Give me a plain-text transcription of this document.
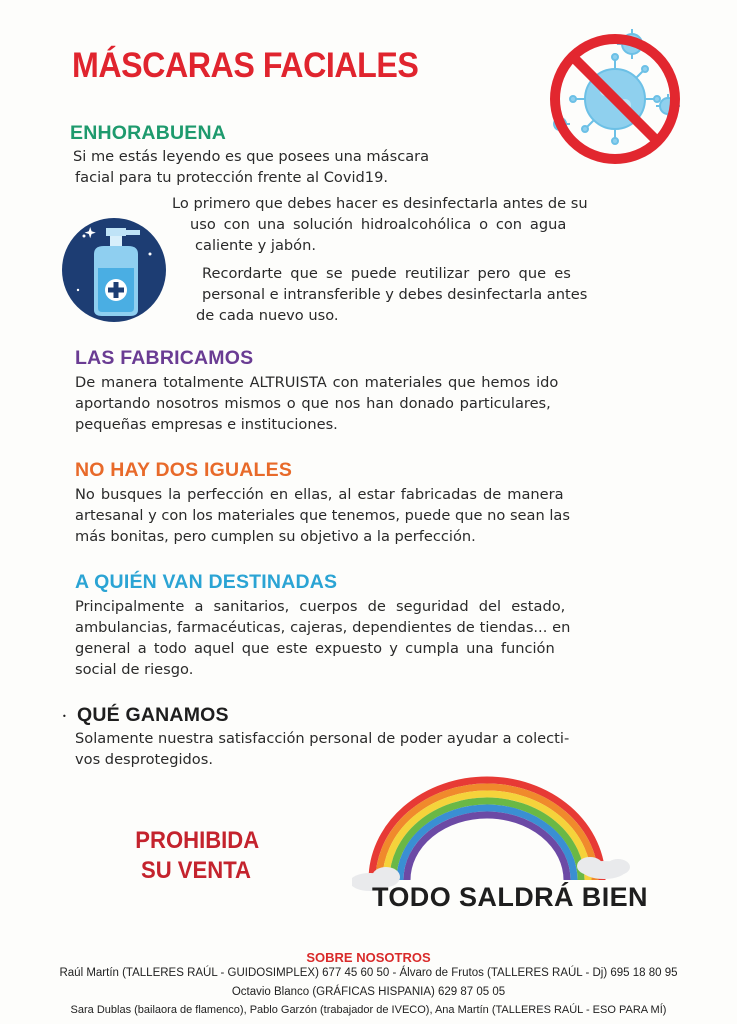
MÁSCARAS FACIALES
ENHORABUENA
Si me estás leyendo es que posees una máscara
facial para tu protección frente al Covid19.
Lo primero que debes hacer es desinfectarla antes de su
uso con una solución hidroalcohólica o con agua
caliente y jabón.
Recordarte que se puede reutilizar pero que es
personal e intransferible y debes desinfectarla antes
de cada nuevo uso.
LAS FABRICAMOS
De manera totalmente ALTRUISTA con materiales que hemos ido
aportando nosotros mismos o que nos han donado particulares,
pequeñas empresas e instituciones.
NO HAY DOS IGUALES
No busques la perfección en ellas, al estar fabricadas de manera
artesanal y con los materiales que tenemos, puede que no sean las
más bonitas, pero cumplen su objetivo a la perfección.
A QUIÉN VAN DESTINADAS
Principalmente a sanitarios, cuerpos de seguridad del estado,
ambulancias, farmacéuticas, cajeras, dependientes de tiendas... en
general a todo aquel que este expuesto y cumpla una función
social de riesgo.
• QUÉ GANAMOS
Solamente nuestra satisfacción personal de poder ayudar a colecti-
vos desprotegidos.
PROHIBIDA
SU VENTA
TODO SALDRÁ BIEN
SOBRE NOSOTROS
Raúl Martín (TALLERES RAÚL - GUIDOSIMPLEX) 677 45 60 50 - Álvaro de Frutos (TALLERES RAÚL - Dj) 695 18 80 95
Octavio Blanco (GRÁFICAS HISPANIA) 629 87 05 05
Sara Dublas (bailaora de flamenco), Pablo Garzón (trabajador de IVECO), Ana Martín (TALLERES RAÚL - ESO PARA MÍ)
